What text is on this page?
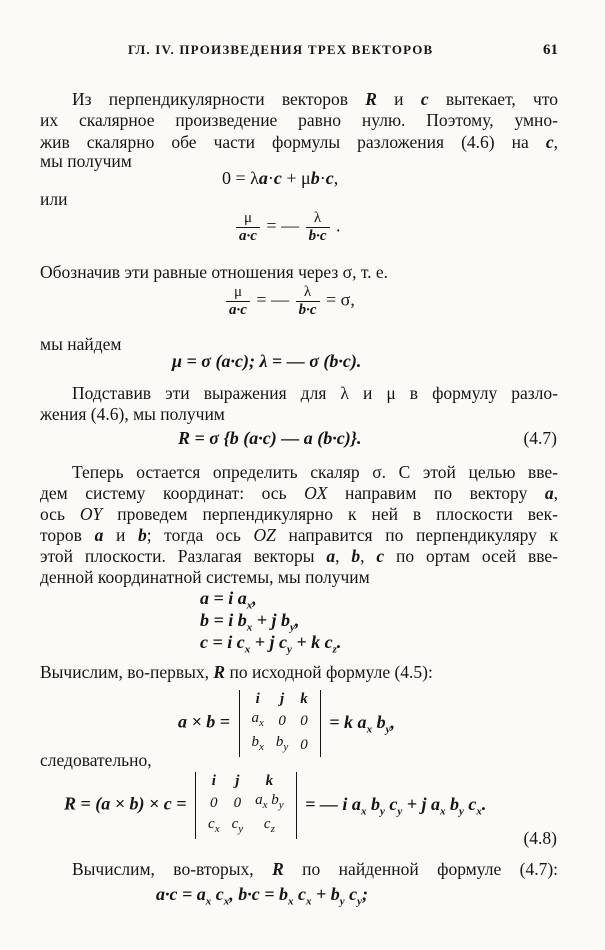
ГЛ. IV. ПРОИЗВЕДЕНИЯ ТРЕХ ВЕКТОРОВ	61
Из перпендикулярности векторов R и c вытекает, что
их скалярное произведение равно нулю. Поэтому, умно-
жив скалярно обе части формулы разложения (4.6) на c,
мы получим
0 = λa·c + μb·c,
или
$\frac{\mu}{a\cdot c}$ = — $\frac{\lambda}{b\cdot c}$ .
Обозначив эти равные отношения через σ, т. е.
$\frac{\mu}{a\cdot c}$ = — $\frac{\lambda}{b\cdot c} = \sigma$,
мы найдем
μ = σ (a·c); λ = — σ (b·c).
Подставив эти выражения для λ и μ в формулу разло-
жения (4.6), мы получим
R = σ {b (a·c) — a (b·c)}.	(4.7)
Теперь остается определить скаляр σ. С этой целью вве-
дем систему координат: ось OX направим по вектору a,
ось OY проведем перпендикулярно к ней в плоскости век-
торов a и b; тогда ось OZ направится по перпендикуляру к
этой плоскости. Разлагая векторы a, b, c по ортам осей вве-
денной координатной системы, мы получим
a = i $a_x$,
b = i $b_x + j$ $b_y$,
c = i $c_x + j$ $c_y + k$ $c_z$.
Вычислим, во-первых, R по исходной формуле (4.5):
a × b =
i	j	k
$a_x$	0	0
$b_x$	$b_y$	0
= k $a_x$ $b_y$,
следовательно,
R = (a × b) × c =
i	j	k
0	0	$a_x$ $b_y$
$c_x$	$c_y$	$c_z$
= — i $a_x$ $b_y$ $c_y + j$ $a_x$ $b_y$ $c_x$.
(4.8)
Вычислим, во-вторых, R по найденной формуле (4.7):
$a\cdot c = a_x$ $c_x$, $b\cdot c = b_x$ $c_x + b_y$ $c_y$;
